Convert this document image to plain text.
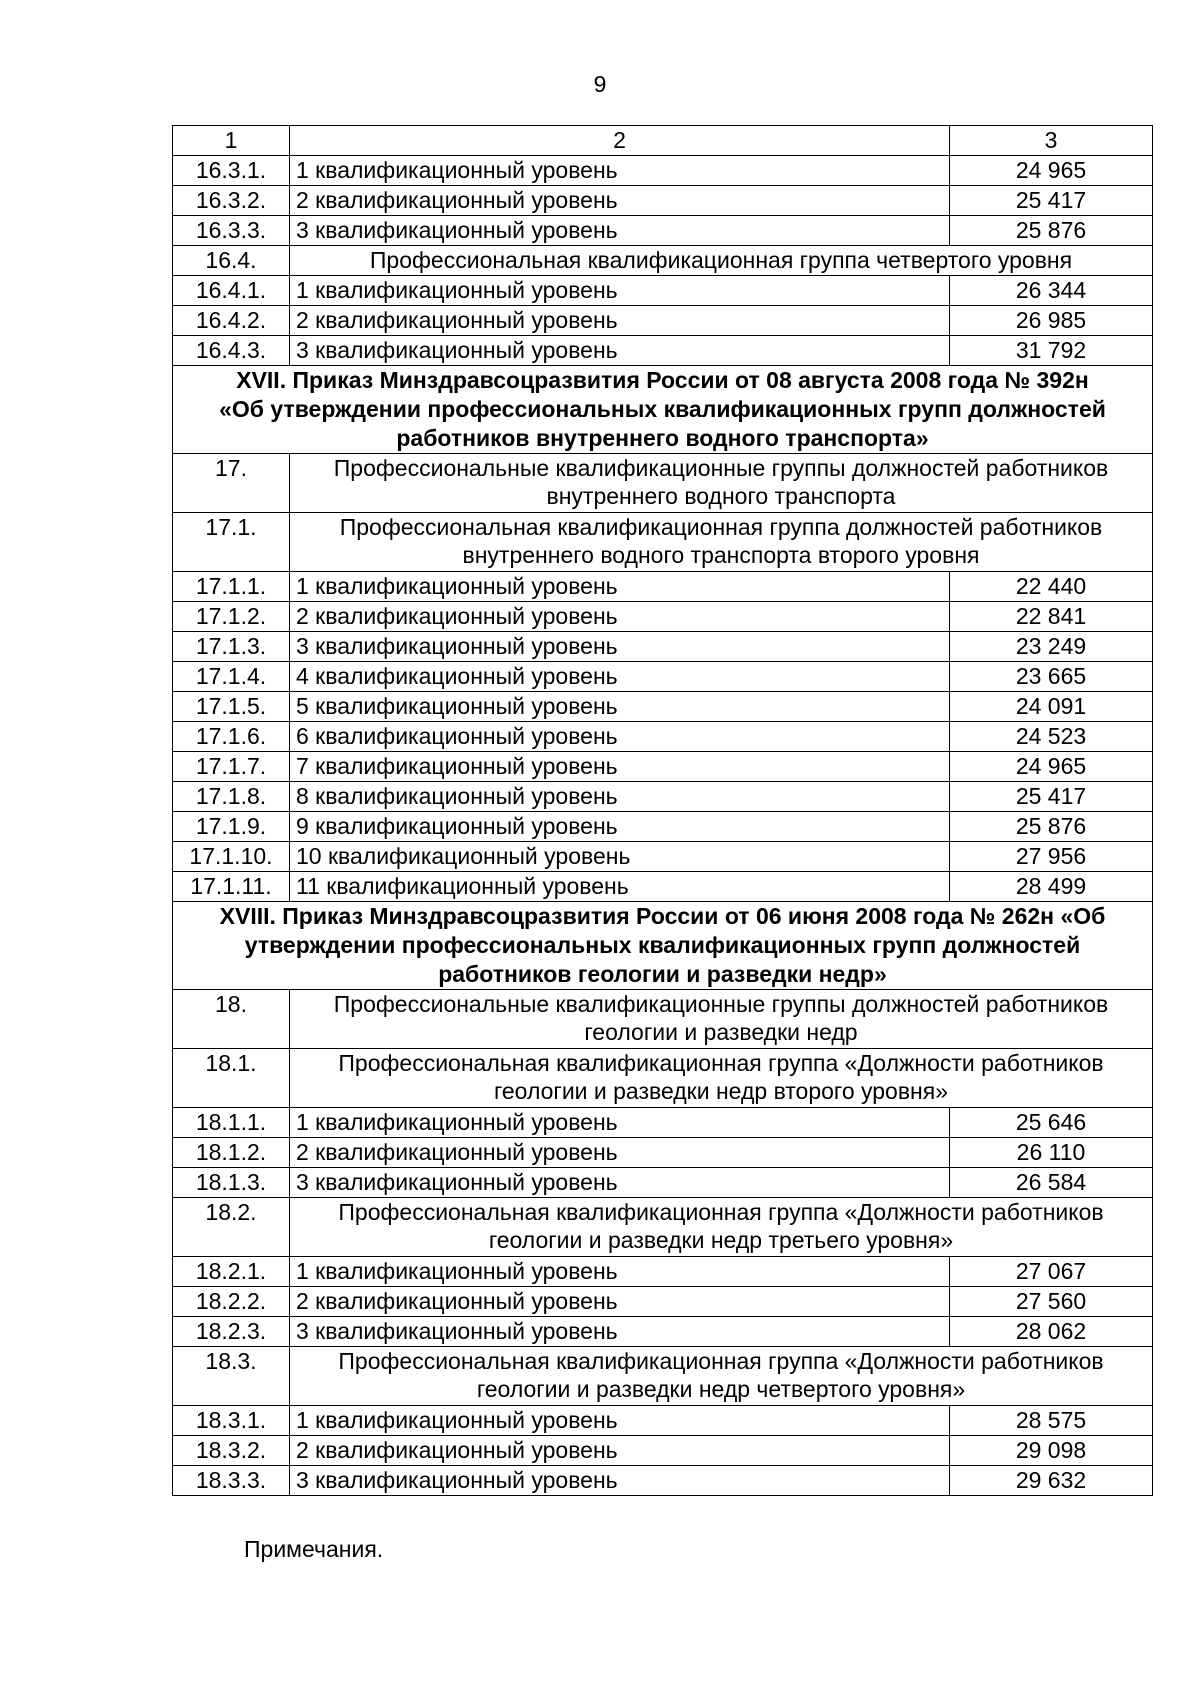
9
1	2	3
16.3.1.	1 квалификационный уровень	24 965
16.3.2.	2 квалификационный уровень	25 417
16.3.3.	3 квалификационный уровень	25 876
16.4.	Профессиональная квалификационная группа четвертого уровня	
16.4.1.	1 квалификационный уровень	26 344
16.4.2.	2 квалификационный уровень	26 985
16.4.3.	3 квалификационный уровень	31 792
XVII. Приказ Минздравсоцразвития России от 08 августа 2008 года № 392н «Об утверждении профессиональных квалификационных групп должностей работников внутреннего водного транспорта»		
17.	Профессиональные квалификационные группы должностей работников внутреннего водного транспорта	
17.1.	Профессиональная квалификационная группа должностей работников внутреннего водного транспорта второго уровня	
17.1.1.	1 квалификационный уровень	22 440
17.1.2.	2 квалификационный уровень	22 841
17.1.3.	3 квалификационный уровень	23 249
17.1.4.	4 квалификационный уровень	23 665
17.1.5.	5 квалификационный уровень	24 091
17.1.6.	6 квалификационный уровень	24 523
17.1.7.	7 квалификационный уровень	24 965
17.1.8.	8 квалификационный уровень	25 417
17.1.9.	9 квалификационный уровень	25 876
17.1.10.	10 квалификационный уровень	27 956
17.1.11.	11 квалификационный уровень	28 499
XVIII. Приказ Минздравсоцразвития России от 06 июня 2008 года № 262н «Об утверждении профессиональных квалификационных групп должностей работников геологии и разведки недр»		
18.	Профессиональные квалификационные группы должностей работников геологии и разведки недр	
18.1.	Профессиональная квалификационная группа «Должности работников геологии и разведки недр второго уровня»	
18.1.1.	1 квалификационный уровень	25 646
18.1.2.	2 квалификационный уровень	26 110
18.1.3.	3 квалификационный уровень	26 584
18.2.	Профессиональная квалификационная группа «Должности работников геологии и разведки недр третьего уровня»	
18.2.1.	1 квалификационный уровень	27 067
18.2.2.	2 квалификационный уровень	27 560
18.2.3.	3 квалификационный уровень	28 062
18.3.	Профессиональная квалификационная группа «Должности работников геологии и разведки недр четвертого уровня»	
18.3.1.	1 квалификационный уровень	28 575
18.3.2.	2 квалификационный уровень	29 098
18.3.3.	3 квалификационный уровень	29 632
Примечания.
